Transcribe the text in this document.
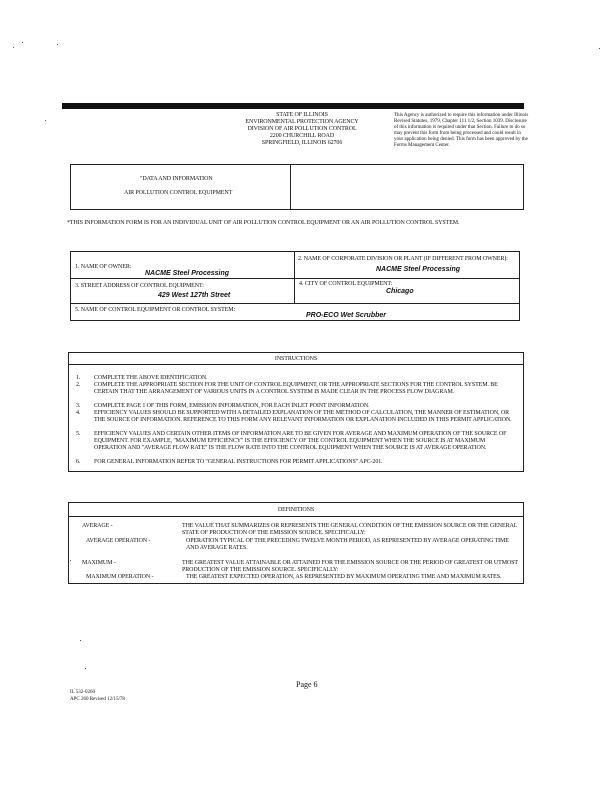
STATE OF ILLINOIS
ENVIRONMENTAL PROTECTION AGENCY
DIVISION OF AIR POLLUTION CONTROL
2200 CHURCHILL ROAD
SPRINGFIELD, ILLINOIS 62706
This Agency is authorized to require this information under Illinois Revised Statutes, 1979, Chapter 111 1/2, Section 1039. Disclosure of this information is required under that Section. Failure to do so may prevent this form from being processed and could result in your application being denied. This form has been approved by the Forms Management Center.
"DATA AND INFORMATION
AIR POLLUTION CONTROL EQUIPMENT
*THIS INFORMATION FORM IS FOR AN INDIVIDUAL UNIT OF AIR POLLUTION CONTROL EQUIPMENT OR AN AIR POLLUTION CONTROL SYSTEM.
1. NAME OF OWNER:
NACME Steel Processing
2. NAME OF CORPORATE DIVISION OR PLANT (IF DIFFERENT FROM OWNER):
NACME Steel Processing
3. STREET ADDRESS OF CONTROL EQUIPMENT:
429 West 127th Street
4. CITY OF CONTROL EQUIPMENT:
Chicago
5. NAME OF CONTROL EQUIPMENT OR CONTROL SYSTEM:
PRO-ECO Wet Scrubber
INSTRUCTIONS
1.	COMPLETE THE ABOVE IDENTIFICATION.
2.	COMPLETE THE APPROPRIATE SECTION FOR THE UNIT OF CONTROL EQUIPMENT, OR THE APPROPRIATE SECTIONS FOR THE CONTROL SYSTEM. BE CERTAIN THAT THE ARRANGEMENT OF VARIOUS UNITS IN A CONTROL SYSTEM IS MADE CLEAR IN THE PROCESS FLOW DIAGRAM.
3.	COMPLETE PAGE 1 OF THIS FORM, EMISSION INFORMATION, FOR EACH INLET POINT INFORMATION.
4.	EFFICIENCY VALUES SHOULD BE SUPPORTED WITH A DETAILED EXPLANATION OF THE METHOD OF CALCULATION, THE MANNER OF ESTIMATION, OR THE SOURCE OF INFORMATION. REFERENCE TO THIS FORM ANY RELEVANT INFORMATION OR EXPLANATION INCLUDED IN THIS PERMIT APPLICATION.
5.	EFFICIENCY VALUES AND CERTAIN OTHER ITEMS OF INFORMATION ARE TO BE GIVEN FOR AVERAGE AND MAXIMUM OPERATION OF THE SOURCE OF EQUIPMENT. FOR EXAMPLE, "MAXIMUM EFFICIENCY" IS THE EFFICIENCY OF THE CONTROL EQUIPMENT WHEN THE SOURCE IS AT MAXIMUM OPERATION AND "AVERAGE FLOW RATE" IS THE FLOW RATE INTO THE CONTROL EQUIPMENT WHEN THE SOURCE IS AT AVERAGE OPERATION.
6.	FOR GENERAL INFORMATION REFER TO "GENERAL INSTRUCTIONS FOR PERMIT APPLICATIONS" APC-201.
DEFINITIONS
AVERAGE -	THE VALUE THAT SUMMARIZES OR REPRESENTS THE GENERAL CONDITION OF THE EMISSION SOURCE OR THE GENERAL STATE OF PRODUCTION OF THE EMISSION SOURCE. SPECIFICALLY:
AVERAGE OPERATION -	OPERATION TYPICAL OF THE PRECEDING TWELVE MONTH PERIOD, AS REPRESENTED BY AVERAGE OPERATING TIME AND AVERAGE RATES.
MAXIMUM -	THE GREATEST VALUE ATTAINABLE OR ATTAINED FOR THE EMISSION SOURCE OR THE PERIOD OF GREATEST OR UTMOST PRODUCTION OF THE EMISSION SOURCE. SPECIFICALLY:
MAXIMUM OPERATION -	THE GREATEST EXPECTED OPERATION, AS REPRESENTED BY MAXIMUM OPERATING TIME AND MAXIMUM RATES.
Page 6
IL 532-0260
APC 260 Revised 12/15/78
